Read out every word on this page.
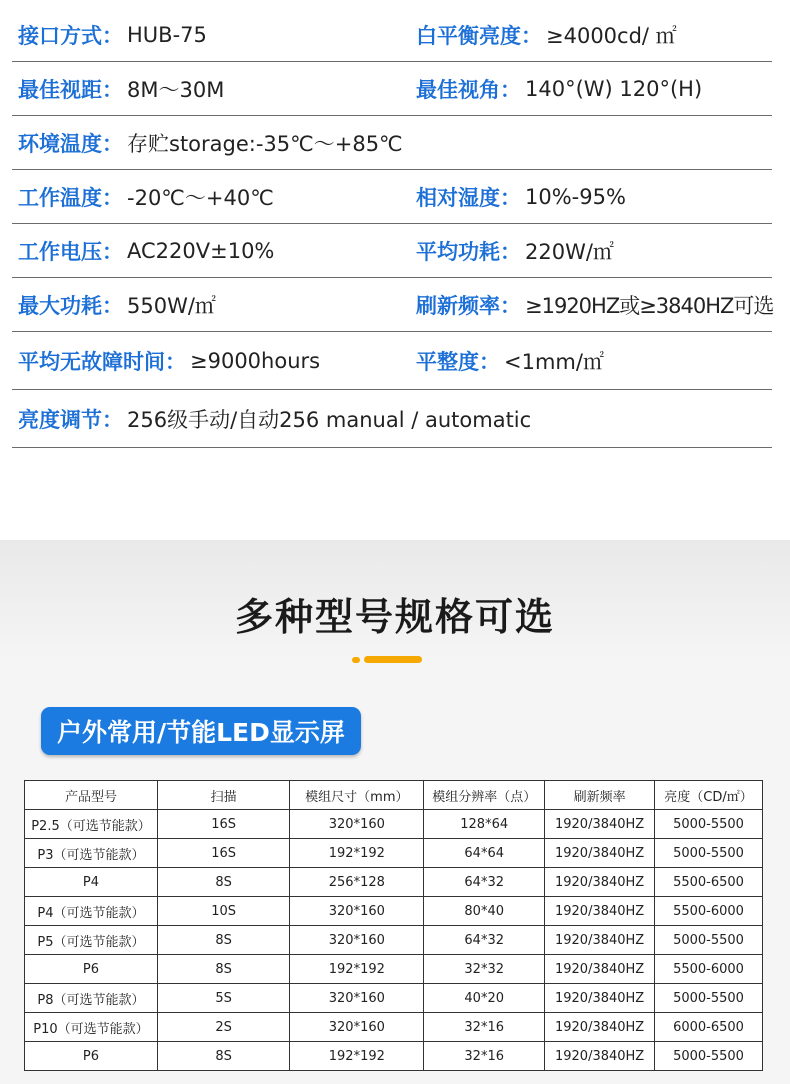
接口方式： HUB-75	白平衡亮度： ≥4000cd/ ㎡
最佳视距： 8M～30M	最佳视角： 140°(W) 120°(H)
环境温度： 存贮storage:-35℃～+85℃
工作温度： -20℃～+40℃	相对湿度： 10%-95%
工作电压： AC220V±10%	平均功耗： 220W/㎡
最大功耗： 550W/㎡	刷新频率： ≥1920HZ或≥3840HZ可选
平均无故障时间： ≥9000hours	平整度： <1mm/㎡
亮度调节： 256级手动/自动256 manual / automatic
多种型号规格可选
户外常用/节能LED显示屏
产品型号	扫描	模组尺寸（mm）	模组分辨率（点）	刷新频率	亮度（CD/㎡）
P2.5（可选节能款）	16S	320*160	128*64	1920/3840HZ	5000-5500
P3（可选节能款）	16S	192*192	64*64	1920/3840HZ	5000-5500
P4	8S	256*128	64*32	1920/3840HZ	5500-6500
P4（可选节能款）	10S	320*160	80*40	1920/3840HZ	5500-6000
P5（可选节能款）	8S	320*160	64*32	1920/3840HZ	5000-5500
P6	8S	192*192	32*32	1920/3840HZ	5500-6000
P8（可选节能款）	5S	320*160	40*20	1920/3840HZ	5000-5500
P10（可选节能款）	2S	320*160	32*16	1920/3840HZ	6000-6500
P6	8S	192*192	32*16	1920/3840HZ	5000-5500
